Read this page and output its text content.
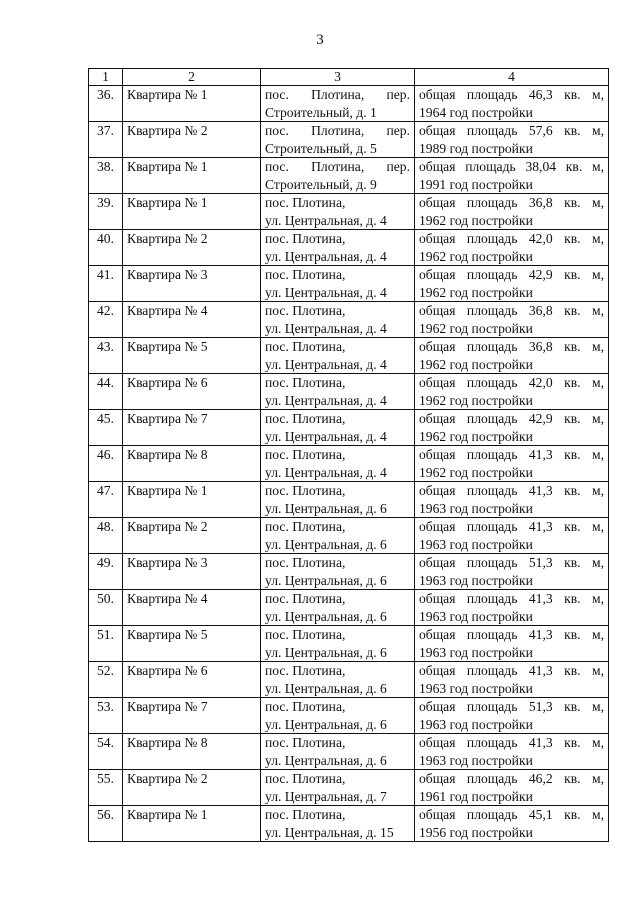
3
1	2	3	4
36.	Квартира № 1	пос. Плотина, пер.
Строительный, д. 1	общая площадь 46,3 кв. м,
1964 год постройки

37.	Квартира № 2	пос. Плотина, пер.
Строительный, д. 5	общая площадь 57,6 кв. м,
1989 год постройки

38.	Квартира № 1	пос. Плотина, пер.
Строительный, д. 9	общая площадь 38,04 кв. м,
1991 год постройки

39.	Квартира № 1	пос. Плотина,
ул. Центральная, д. 4	общая площадь 36,8 кв. м,
1962 год постройки

40.	Квартира № 2	пос. Плотина,
ул. Центральная, д. 4	общая площадь 42,0 кв. м,
1962 год постройки

41.	Квартира № 3	пос. Плотина,
ул. Центральная, д. 4	общая площадь 42,9 кв. м,
1962 год постройки

42.	Квартира № 4	пос. Плотина,
ул. Центральная, д. 4	общая площадь 36,8 кв. м,
1962 год постройки

43.	Квартира № 5	пос. Плотина,
ул. Центральная, д. 4	общая площадь 36,8 кв. м,
1962 год постройки

44.	Квартира № 6	пос. Плотина,
ул. Центральная, д. 4	общая площадь 42,0 кв. м,
1962 год постройки

45.	Квартира № 7	пос. Плотина,
ул. Центральная, д. 4	общая площадь 42,9 кв. м,
1962 год постройки

46.	Квартира № 8	пос. Плотина,
ул. Центральная, д. 4	общая площадь 41,3 кв. м,
1962 год постройки

47.	Квартира № 1	пос. Плотина,
ул. Центральная, д. 6	общая площадь 41,3 кв. м,
1963 год постройки

48.	Квартира № 2	пос. Плотина,
ул. Центральная, д. 6	общая площадь 41,3 кв. м,
1963 год постройки

49.	Квартира № 3	пос. Плотина,
ул. Центральная, д. 6	общая площадь 51,3 кв. м,
1963 год постройки

50.	Квартира № 4	пос. Плотина,
ул. Центральная, д. 6	общая площадь 41,3 кв. м,
1963 год постройки

51.	Квартира № 5	пос. Плотина,
ул. Центральная, д. 6	общая площадь 41,3 кв. м,
1963 год постройки

52.	Квартира № 6	пос. Плотина,
ул. Центральная, д. 6	общая площадь 41,3 кв. м,
1963 год постройки

53.	Квартира № 7	пос. Плотина,
ул. Центральная, д. 6	общая площадь 51,3 кв. м,
1963 год постройки

54.	Квартира № 8	пос. Плотина,
ул. Центральная, д. 6	общая площадь 41,3 кв. м,
1963 год постройки

55.	Квартира № 2	пос. Плотина,
ул. Центральная, д. 7	общая площадь 46,2 кв. м,
1961 год постройки

56.	Квартира № 1	пос. Плотина,
ул. Центральная, д. 15	общая площадь 45,1 кв. м,
1956 год постройки
